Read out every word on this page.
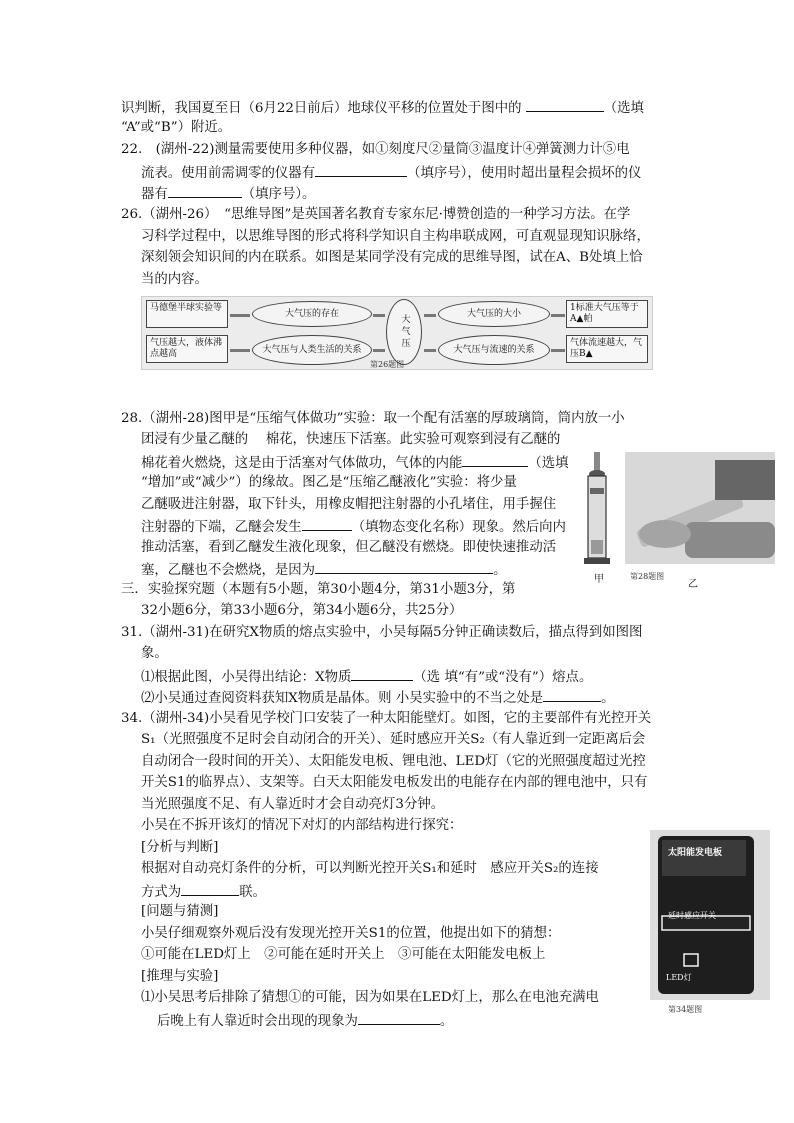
识判断，我国夏至日（6月22日前后）地球仪平移的位置处于图中的	（选填
“A”或“B”）附近。
22.　(湖州-22)测量需要使用多种仪器，如①刻度尺②量筒③温度计④弹簧测力计⑤电
流表。使用前需调零的仪器有	（填序号），使用时超出量程会损坏的仪
器有	（填序号）。
26.（湖州-26）　“思维导图”是英国著名教育专家东尼·博赞创造的一种学习方法。在学
习科学过程中，以思维导图的形式将科学知识自主构串联成网，可直观显现知识脉络，
深刻领会知识间的内在联系。如图是某同学没有完成的思维导图，试在A、B处填上恰
当的内容。
马德堡半球实验等
气压越大，液体沸点越高
大气压的存在
大气压与人类生活的关系	大气压
大气压的大小
大气压与流速的关系
1标准大气压等于A▲帕
气体流速越大，气压B▲
第26题图
28.（湖州-28)图甲是“压缩气体做功”实验：取一个配有活塞的厚玻璃筒，筒内放一小
团浸有少量乙醚的　 棉花，快速压下活塞。此实验可观察到浸有乙醚的
棉花着火燃烧，这是由于活塞对气体做功，气体的内能	（选填
“增加”或“减少”）的缘故。图乙是“压缩乙醚液化”实验：将少量
乙醚吸进注射器，取下针头，用橡皮帽把注射器的小孔堵住，用手握住
注射器的下端，乙醚会发生	（填物态变化名称）现象。然后向内
推动活塞，看到乙醚发生液化现象，但乙醚没有燃烧。即使快速推动活
塞，乙醚也不会燃烧，是因为	。
甲	乙
第28题图
三．实验探究题（本题有5小题，第30小题4分，第31小题3分，第
32小题6分，第33小题6分，第34小题6分，共25分）
31.（湖州-31)在研究X物质的熔点实验中，小吴每隔5分钟正确读数后，描点得到如图图
象。
⑴根据此图，小吴得出结论：X物质	（选 填“有”或“没有”）熔点。
⑵小吴通过查阅资料获知X物质是晶体。则 小吴实验中的不当之处是	。
34.（湖州-34)小吴看见学校门口安装了一种太阳能壁灯。如图，它的主要部件有光控开关
S₁（光照强度不足时会自动闭合的开关）、延时感应开关S₂（有人靠近到一定距离后会
自动闭合一段时间的开关）、太阳能发电板、锂电池、LED灯（它的光照强度超过光控
开关S1的临界点）、支架等。白天太阳能发电板发出的电能存在内部的锂电池中，只有
当光照强度不足、有人靠近时才会自动亮灯3分钟。
小吴在不拆开该灯的情况下对灯的内部结构进行探究：
[分析与判断]
根据对自动亮灯条件的分析，可以判断光控开关S₁和延时　感应开关S₂的连接
方式为	联。
[问题与猜测]
小吴仔细观察外观后没有发现光控开关S1的位置，他提出如下的猜想：
①可能在LED灯上　②可能在延时开关上　③可能在太阳能发电板上
[推理与实验]
⑴小吴思考后排除了猜想①的可能，因为如果在LED灯上，那么在电池充满电
后晚上有人靠近时会出现的现象为	。
太阳能发电板
延时感应开关
LED灯
第34题图
